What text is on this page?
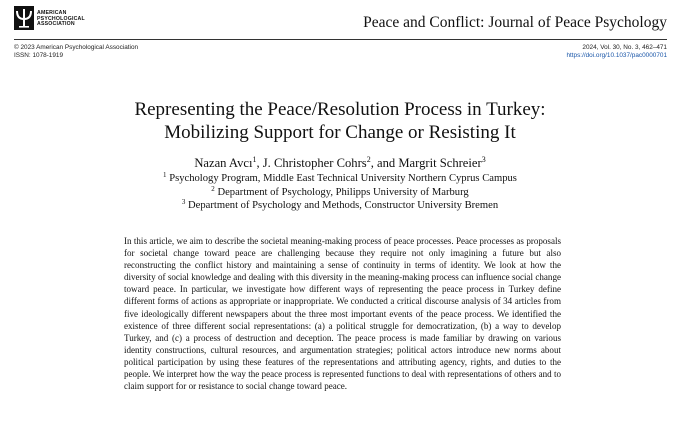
AMERICAN
PSYCHOLOGICAL
ASSOCIATION	Peace and Conflict: Journal of Peace Psychology
© 2023 American Psychological Association
ISSN: 1078-1919
2024, Vol. 30, No. 3, 462–471
https://doi.org/10.1037/pac0000701
Representing the Peace/Resolution Process in Turkey:
Mobilizing Support for Change or Resisting It
Nazan Avcı$^1$, J. Christopher Cohrs$^2$, and Margrit Schreier$^3$
$^1$ Psychology Program, Middle East Technical University Northern Cyprus Campus
$^2$ Department of Psychology, Philipps University of Marburg
$^3$ Department of Psychology and Methods, Constructor University Bremen
In this article, we aim to describe the societal meaning-making process of peace processes. Peace processes as proposals for societal change toward peace are challenging because they require not only imagining a future but also reconstructing the conflict history and maintaining a sense of continuity in terms of identity. We look at how the diversity of social knowledge and dealing with this diversity in the meaning-making process can influence social change toward peace. In particular, we investigate how different ways of representing the peace process in Turkey define different forms of actions as appropriate or inappropriate. We conducted a critical discourse analysis of 34 articles from five ideologically different newspapers about the three most important events of the peace process. We identified the existence of three different social representations: (a) a political struggle for democratization, (b) a way to develop Turkey, and (c) a process of destruction and deception. The peace process is made familiar by drawing on various identity constructions, cultural resources, and argumentation strategies; political actors introduce new norms about political participation by using these features of the representations and attributing agency, rights, and duties to the people. We interpret how the way the peace process is represented functions to deal with representations of others and to claim support for or resistance to social change toward peace.
